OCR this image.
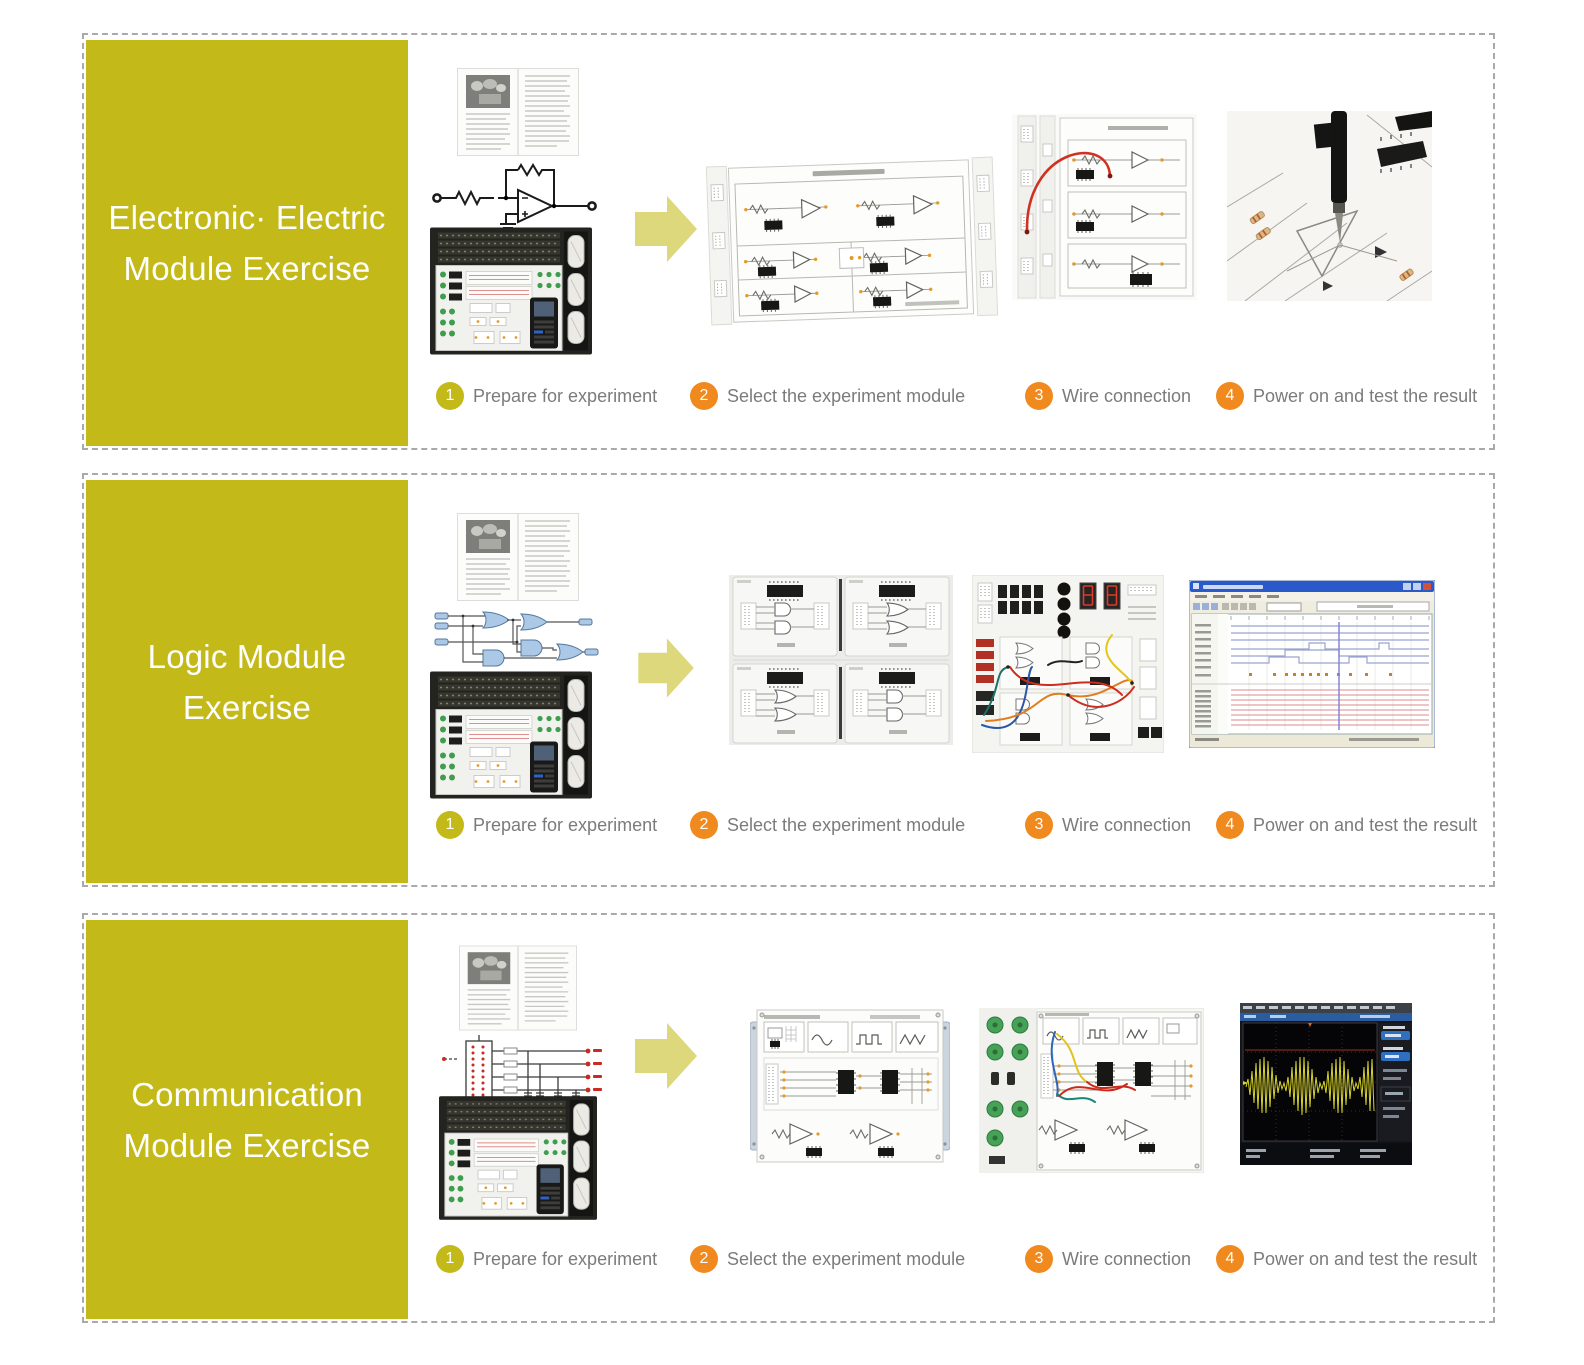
Electronic· Electric
Module Exercise
1	Prepare for experiment	2	Select the experiment module	3	Wire connection	4	Power on and test the result
Logic Module
Exercise
1	Prepare for experiment	2	Select the experiment module	3	Wire connection	4	Power on and test the result
Communication
Module Exercise
1	Prepare for experiment	2	Select the experiment module	3	Wire connection	4	Power on and test the result
